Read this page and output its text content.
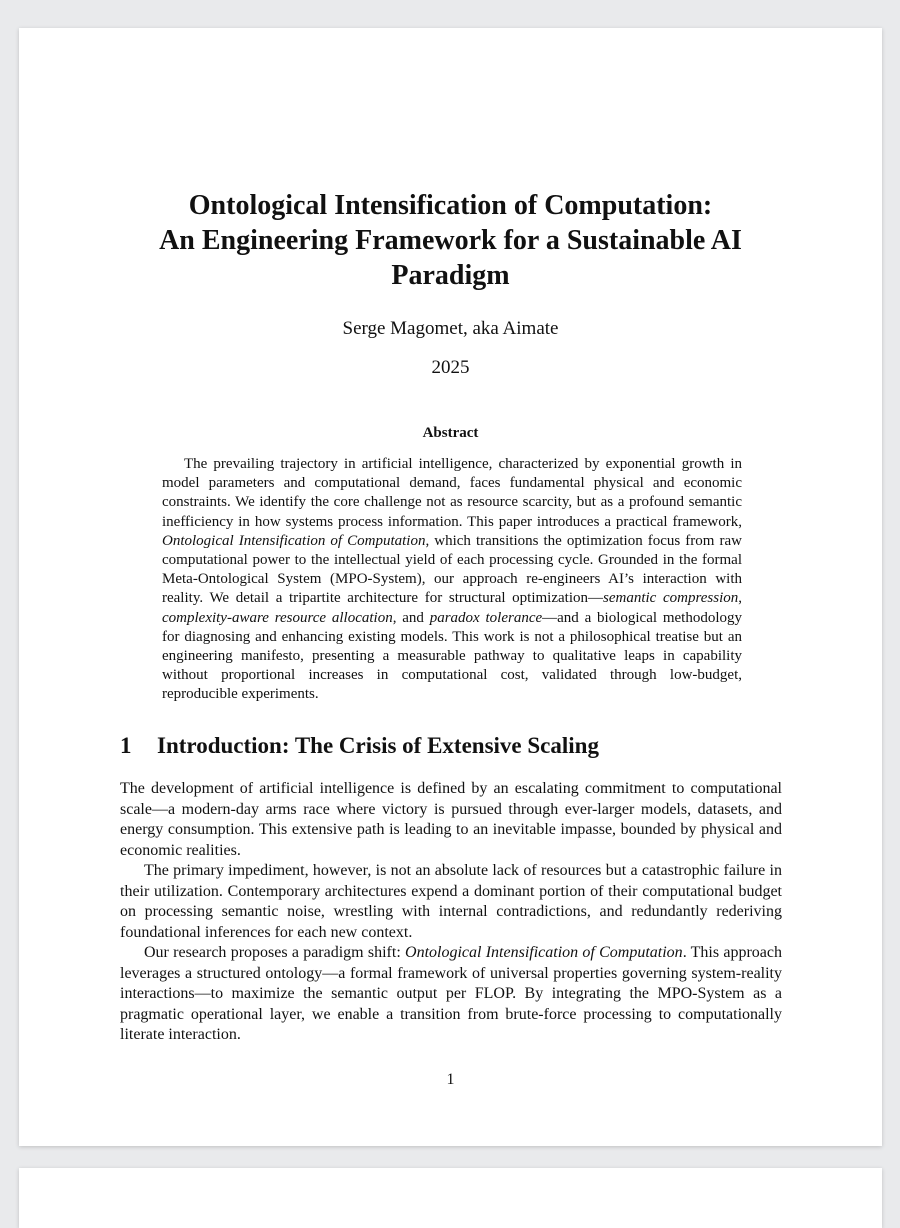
Ontological Intensification of Computation:
An Engineering Framework for a Sustainable AI
Paradigm
Serge Magomet, aka Aimate
2025
Abstract

The prevailing trajectory in artificial intelligence, characterized by exponential growth in model parameters and computational demand, faces fundamental physical and economic constraints. We identify the core challenge not as resource scarcity, but as a profound semantic inefficiency in how systems process information. This paper introduces a practical framework, Ontological Intensification of Computation, which transitions the optimization focus from raw computational power to the intellectual yield of each processing cycle. Grounded in the formal Meta-Ontological System (MPO-System), our approach re-engineers AI’s interaction with reality. We detail a tripartite architecture for structural optimization—semantic compression, complexity-aware resource allocation, and paradox tolerance—and a biological methodology for diagnosing and enhancing existing models. This work is not a philosophical treatise but an engineering manifesto, presenting a measurable pathway to qualitative leaps in capability without proportional increases in computational cost, validated through low-budget, reproducible experiments.

1 Introduction: The Crisis of Extensive Scaling

The development of artificial intelligence is defined by an escalating commitment to computational scale—a modern-day arms race where victory is pursued through ever-larger models, datasets, and energy consumption. This extensive path is leading to an inevitable impasse, bounded by physical and economic realities.

The primary impediment, however, is not an absolute lack of resources but a catastrophic failure in their utilization. Contemporary architectures expend a dominant portion of their computational budget on processing semantic noise, wrestling with internal contradictions, and redundantly rederiving foundational inferences for each new context.

Our research proposes a paradigm shift: Ontological Intensification of Computation. This approach leverages a structured ontology—a formal framework of universal properties governing system-reality interactions—to maximize the semantic output per FLOP. By integrating the MPO-System as a pragmatic operational layer, we enable a transition from brute-force processing to computationally literate interaction.

1
